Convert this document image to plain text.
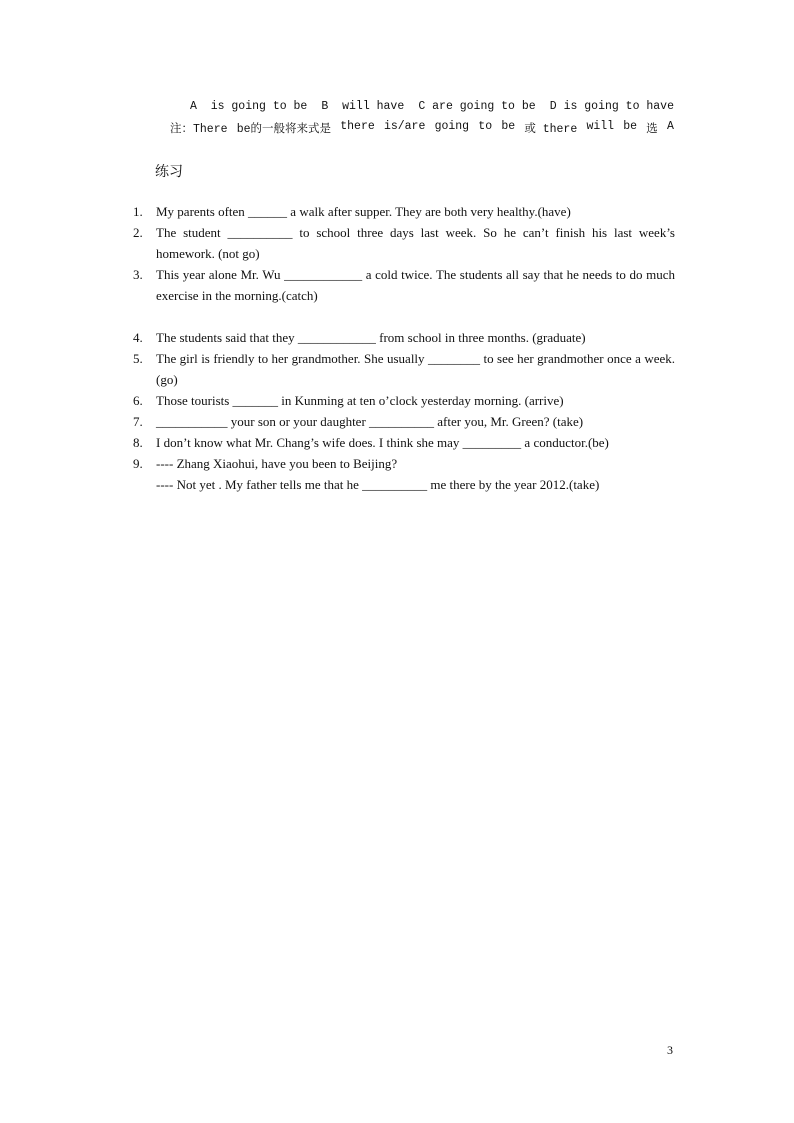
A  is going to be B  will have C are going to be D is going to have
注：There be的一般将来式是 there is/are going to be 或 there will be 选 A
练习
1.	My parents often ______ a walk after supper. They are both very healthy.(have)
2.	The student __________ to school three days last week. So he can’t finish his last week’s homework. (not go)
3.	This year alone Mr. Wu ____________ a cold twice. The students all say that he needs to do much exercise in the morning.(catch)
4.	The students said that they ____________ from school in three months. (graduate)
5.	The girl is friendly to her grandmother. She usually ________ to see her grandmother once a week.(go)
6.	Those tourists _______ in Kunming at ten o’clock yesterday morning. (arrive)
7.	___________ your son or your daughter __________ after you, Mr. Green? (take)
8.	I don’t know what Mr. Chang’s wife does. I think she may _________ a conductor.(be)
9.	---- Zhang Xiaohui, have you been to Beijing?
---- Not yet . My father tells me that he __________ me there by the year 2012.(take)
3
